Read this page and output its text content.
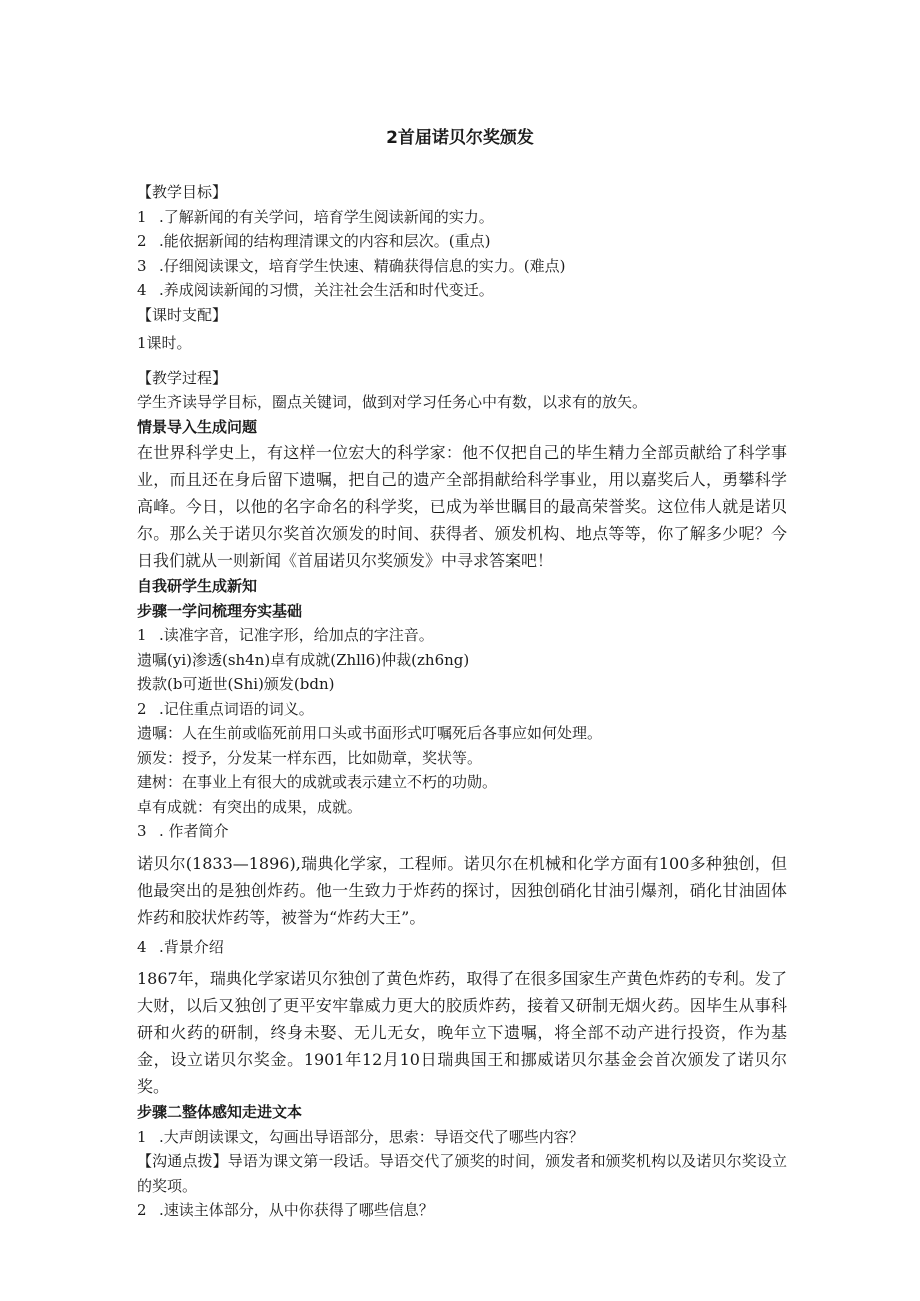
2首届诺贝尔奖颁发

【教学目标】

1 .了解新闻的有关学问，培育学生阅读新闻的实力。

2 .能依据新闻的结构理清课文的内容和层次。(重点)

3 .仔细阅读课文，培育学生快速、精确获得信息的实力。(难点)

4 .养成阅读新闻的习惯，关注社会生活和时代变迁。

【课时支配】

1课时。

【教学过程】

学生齐读导学目标，圈点关键词，做到对学习任务心中有数，以求有的放矢。

情景导入生成问题

在世界科学史上，有这样一位宏大的科学家：他不仅把自己的毕生精力全部贡献给了科学事业，而且还在身后留下遗嘱，把自己的遗产全部捐献给科学事业，用以嘉奖后人，勇攀科学高峰。今日，以他的名字命名的科学奖，已成为举世瞩目的最高荣誉奖。这位伟人就是诺贝尔。那么关于诺贝尔奖首次颁发的时间、获得者、颁发机构、地点等等，你了解多少呢？今日我们就从一则新闻《首届诺贝尔奖颁发》中寻求答案吧！

自我研学生成新知

步骤一学问梳理夯实基础

1 .读准字音，记准字形，给加点的字注音。

遗嘱(yi)渗透(sh4n)卓有成就(Zhll6)仲裁(zh6ng)

拨款(b可逝世(Shi)颁发(bdn)

2 .记住重点词语的词义。

遗嘱：人在生前或临死前用口头或书面形式叮嘱死后各事应如何处理。

颁发：授予，分发某一样东西，比如勋章，奖状等。

建树：在事业上有很大的成就或表示建立不朽的功勋。

卓有成就：有突出的成果，成就。

3 . 作者简介

诺贝尔(1833—1896),瑞典化学家，工程师。诺贝尔在机械和化学方面有100多种独创，但他最突出的是独创炸药。他一生致力于炸药的探讨，因独创硝化甘油引爆剂，硝化甘油固体炸药和胶状炸药等，被誉为“炸药大王”。

4 .背景介绍

1867年，瑞典化学家诺贝尔独创了黄色炸药，取得了在很多国家生产黄色炸药的专利。发了大财，以后又独创了更平安牢靠威力更大的胶质炸药，接着又研制无烟火药。因毕生从事科研和火药的研制，终身未娶、无儿无女，晚年立下遗嘱，将全部不动产进行投资，作为基金，设立诺贝尔奖金。1901年12月10日瑞典国王和挪威诺贝尔基金会首次颁发了诺贝尔奖。

步骤二整体感知走进文本

1 .大声朗读课文，勾画出导语部分，思索：导语交代了哪些内容？

【沟通点拨】导语为课文第一段话。导语交代了颁奖的时间，颁发者和颁奖机构以及诺贝尔奖设立的奖项。

2 .速读主体部分，从中你获得了哪些信息？
